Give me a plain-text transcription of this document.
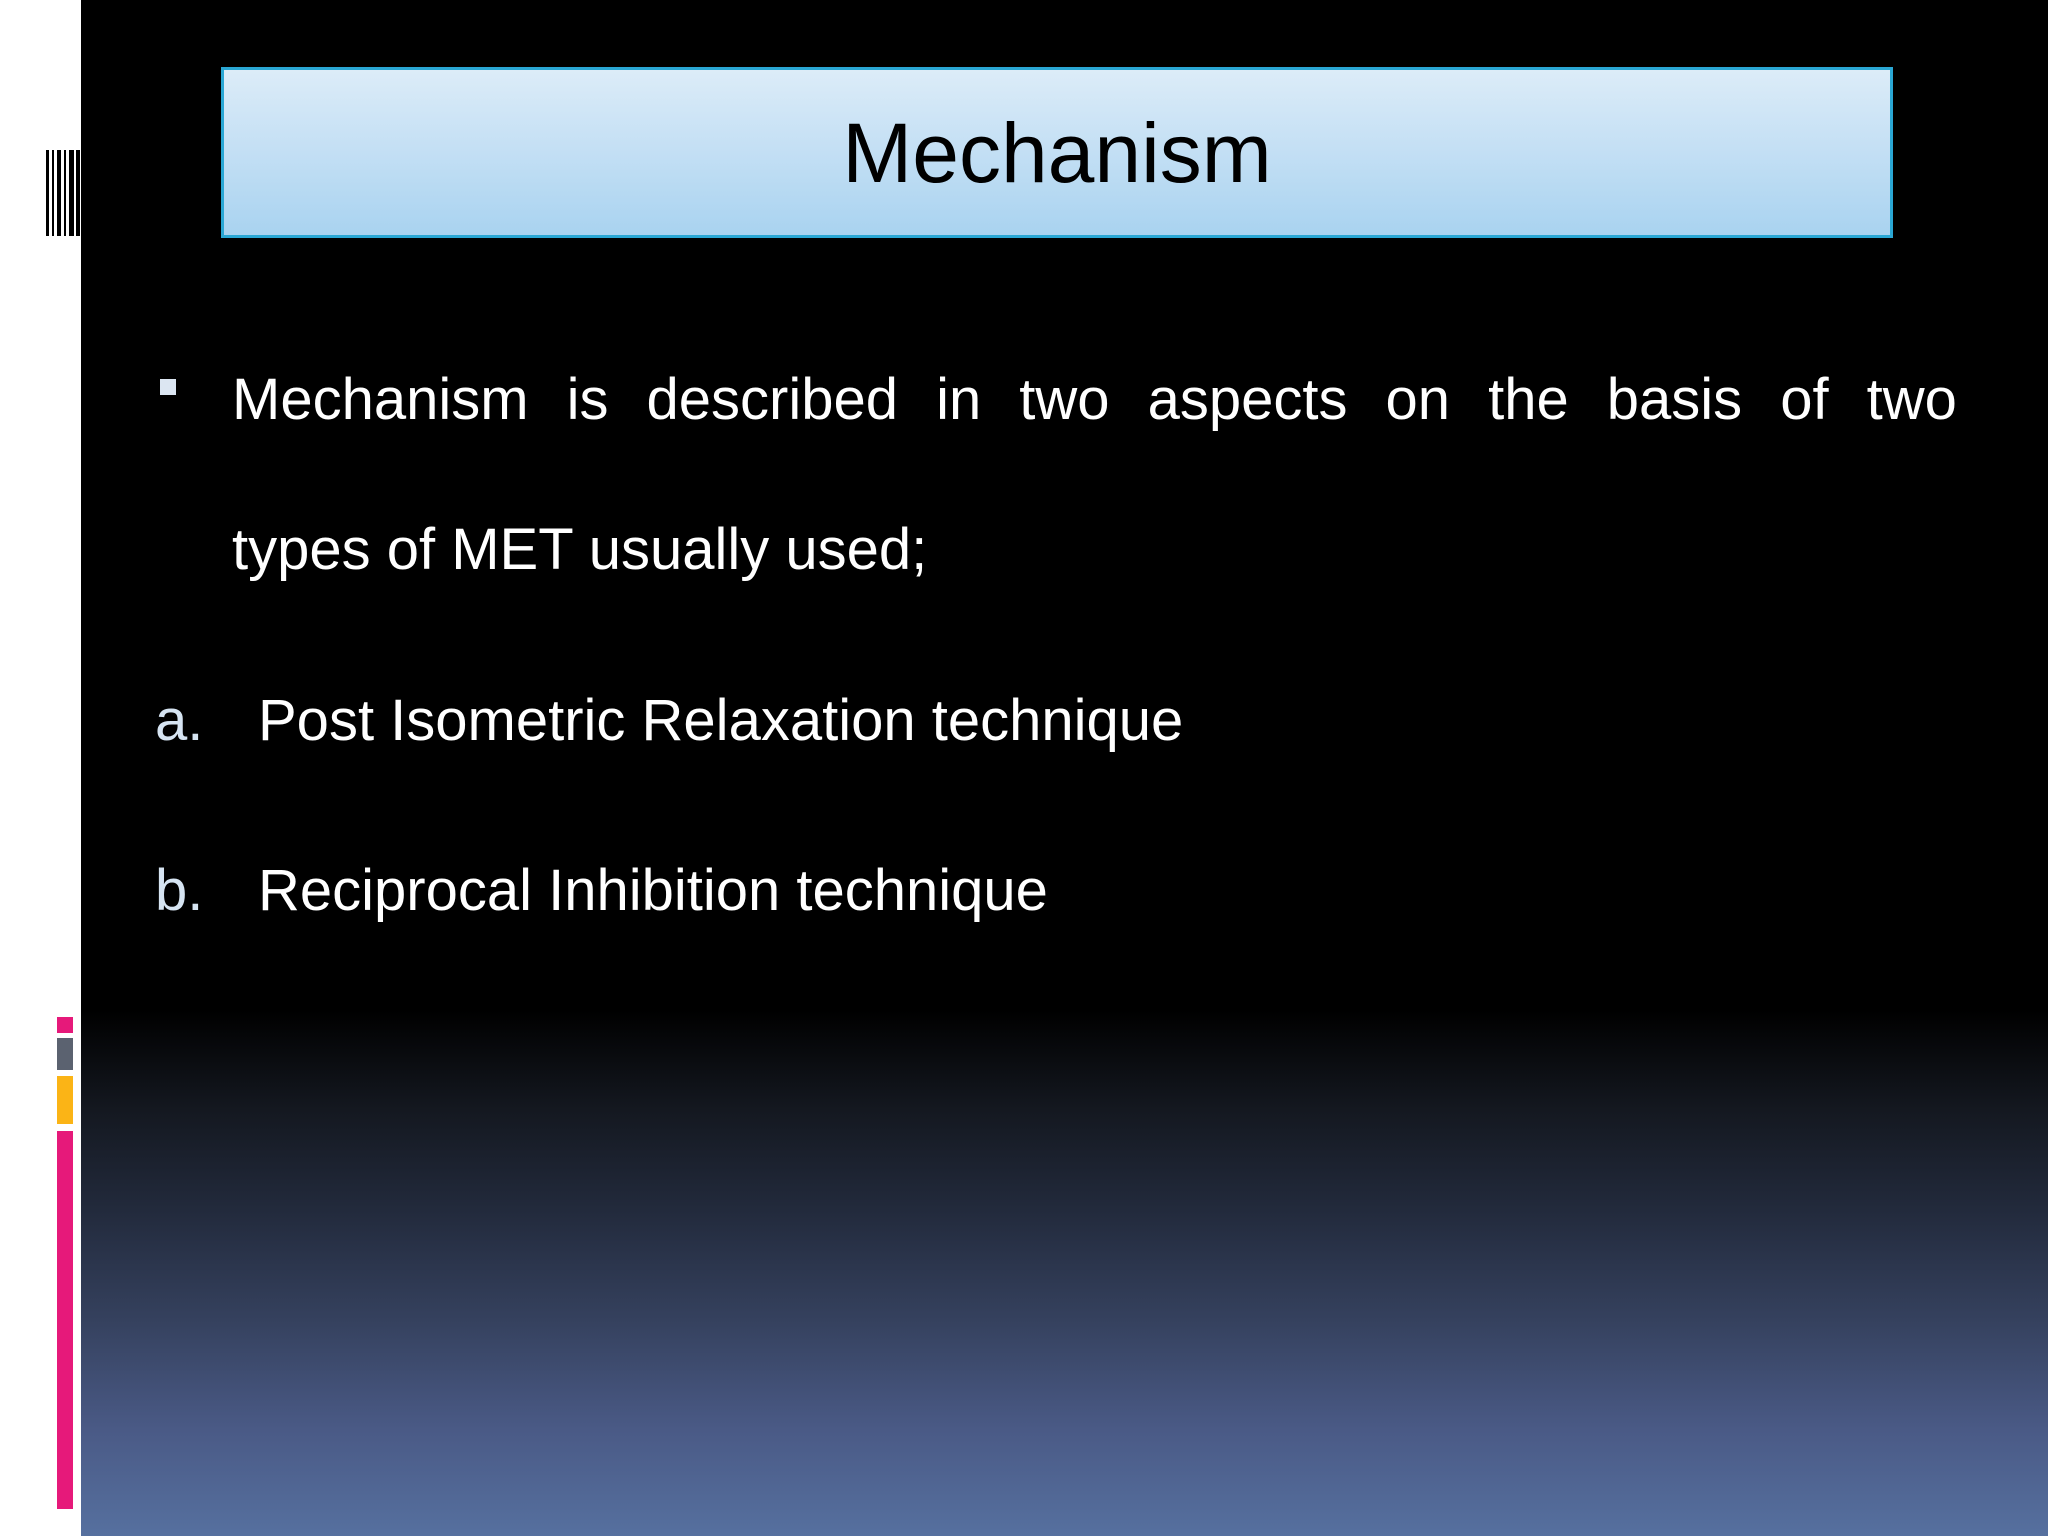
Mechanism
Mechanism is described in two aspects on the basis of two
types of MET usually used;
a. Post Isometric Relaxation technique
b. Reciprocal Inhibition technique
